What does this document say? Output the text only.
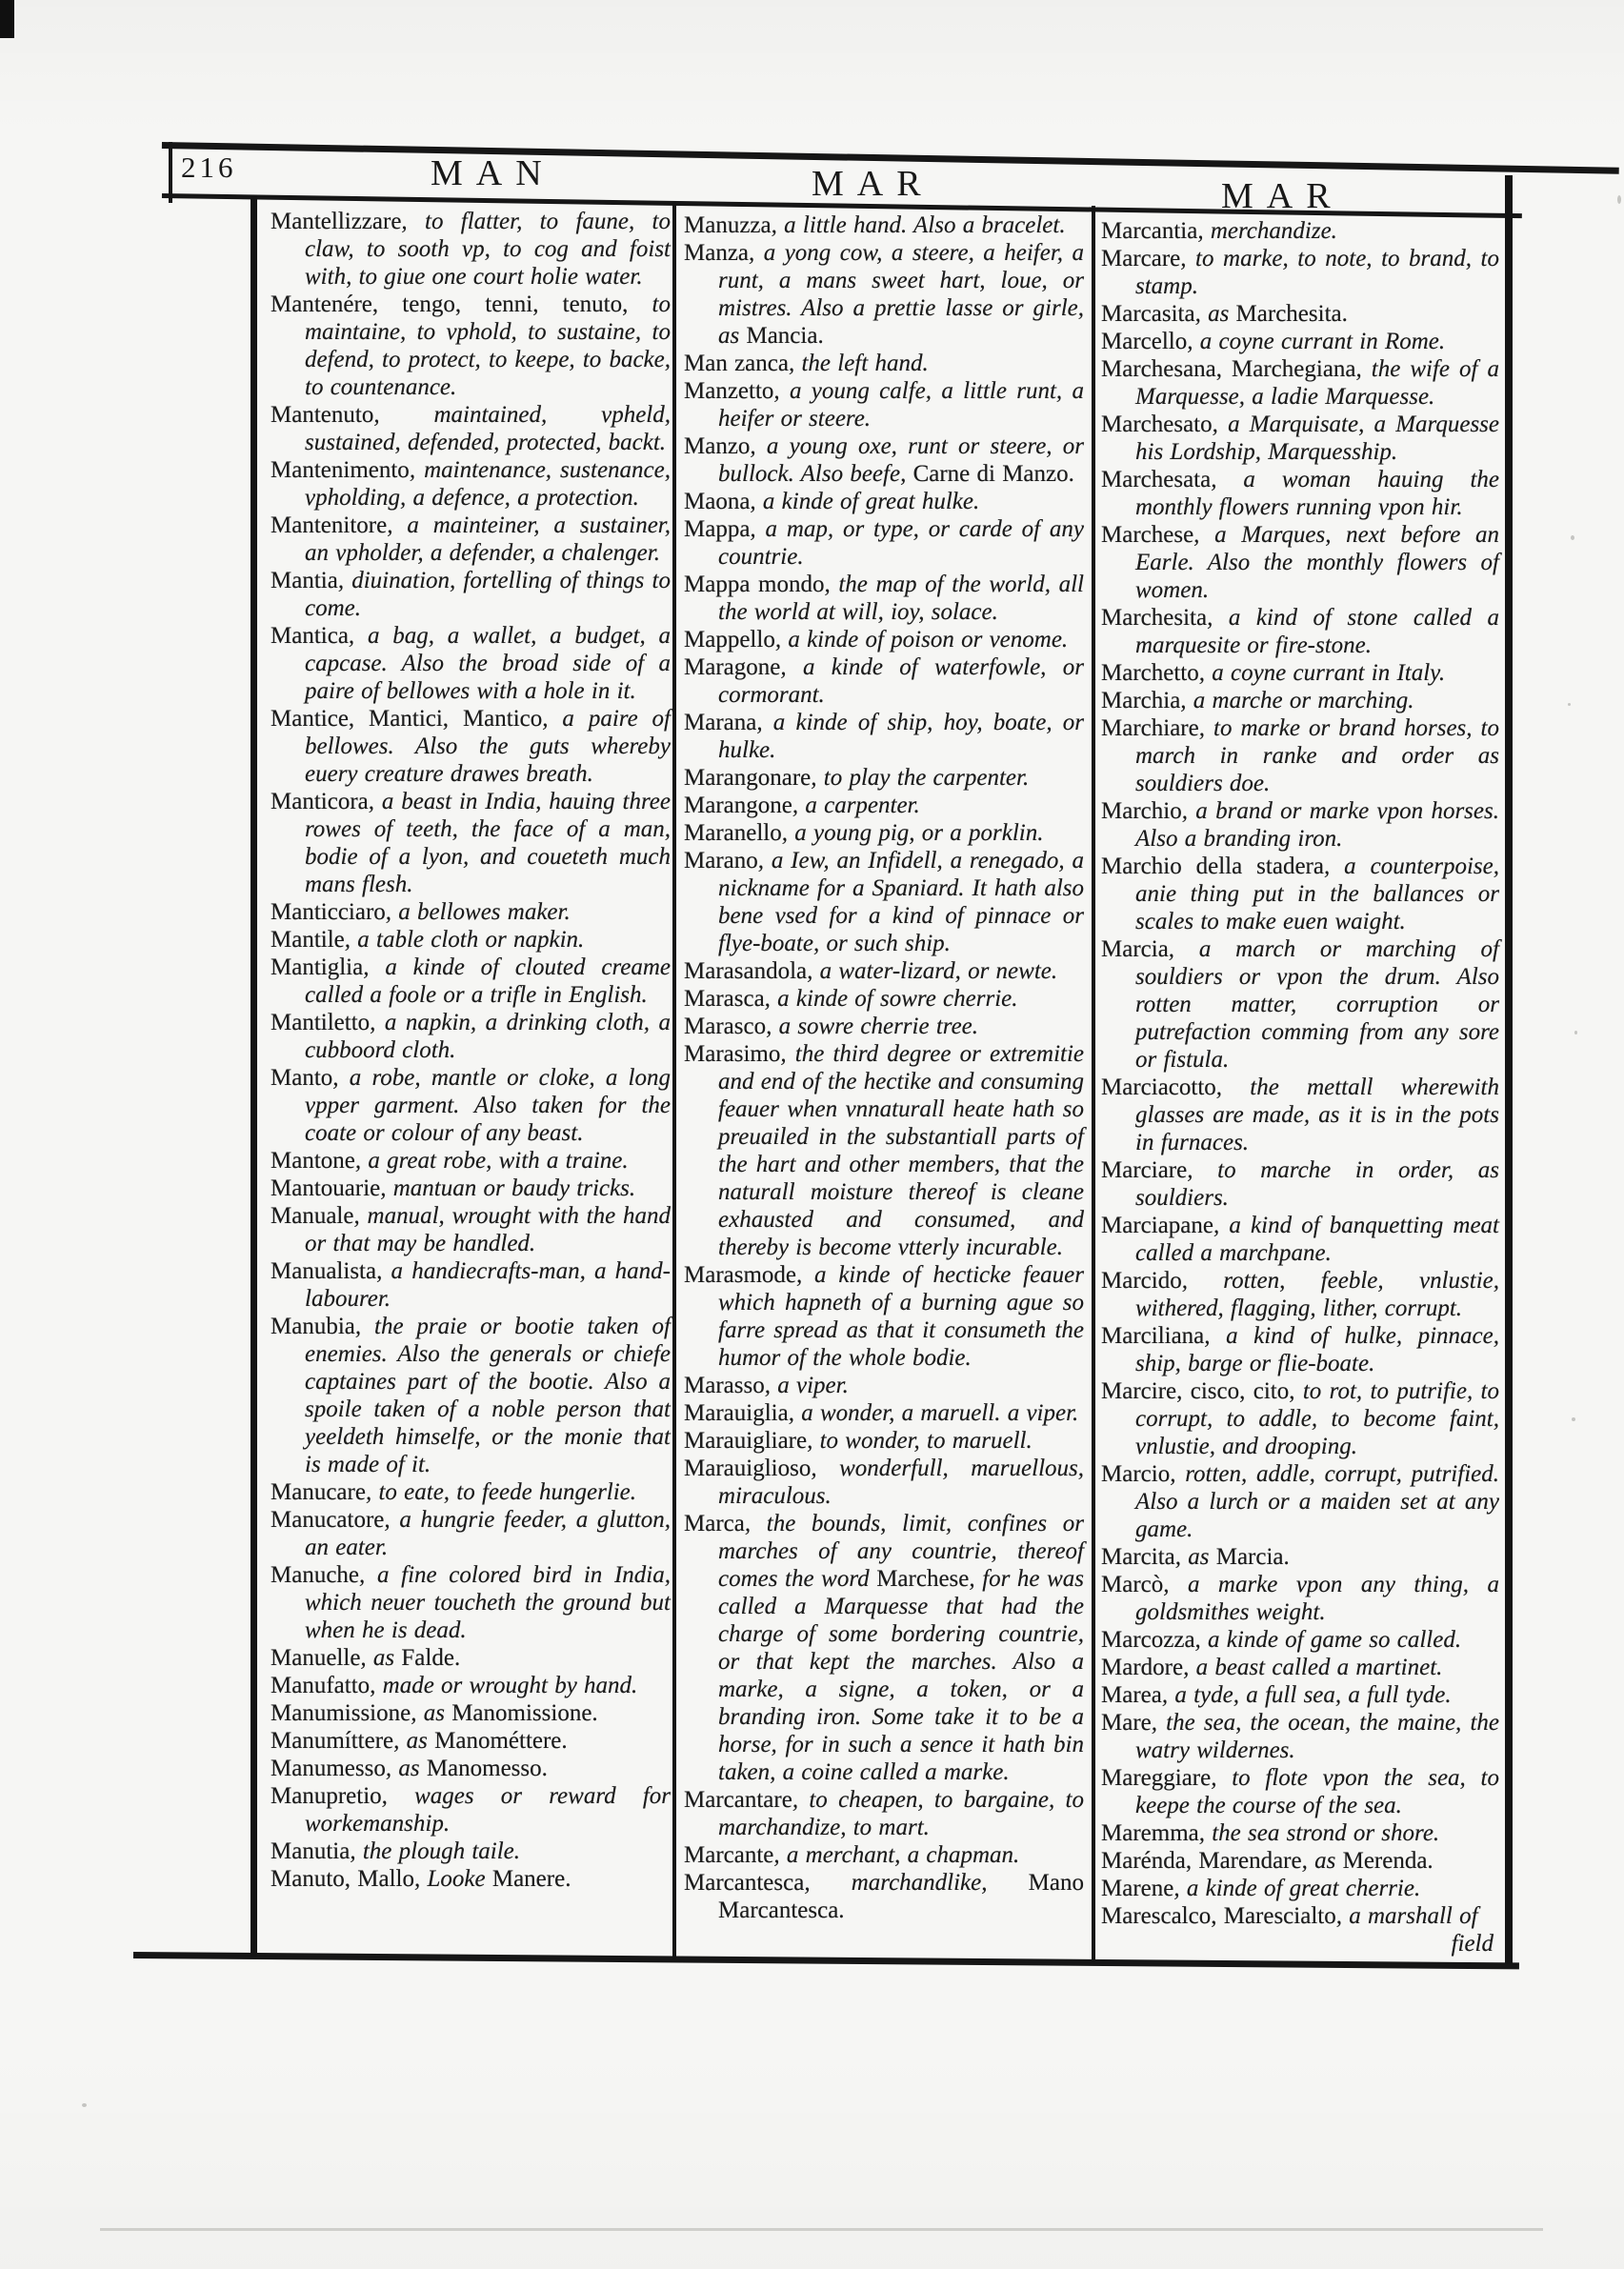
216	MAN	MAR	MAR
Mantellizzare, to flatter, to faune, to claw, to sooth vp, to cog and foist with, to giue one court holie water.
Mantenére, tengo, tenni, tenuto, to maintaine, to vphold, to sustaine, to defend, to protect, to keepe, to backe, to countenance.
Mantenuto, maintained, vpheld, sustained, defended, protected, backt.
Mantenimento, maintenance, sustenance, vpholding, a defence, a protection.
Mantenitore, a mainteiner, a sustainer, an vpholder, a defender, a chalenger.
Mantia, diuination, fortelling of things to come.
Mantica, a bag, a wallet, a budget, a capcase. Also the broad side of a paire of bellowes with a hole in it.
Mantice, Mantici, Mantico, a paire of bellowes. Also the guts whereby euery creature drawes breath.
Manticora, a beast in India, hauing three rowes of teeth, the face of a man, bodie of a lyon, and coueteth much mans flesh.
Manticciaro, a bellowes maker.
Mantile, a table cloth or napkin.
Mantiglia, a kinde of clouted creame called a foole or a trifle in English.
Mantiletto, a napkin, a drinking cloth, a cubboord cloth.
Manto, a robe, mantle or cloke, a long vpper garment. Also taken for the coate or colour of any beast.
Mantone, a great robe, with a traine.
Mantouarie, mantuan or baudy tricks.
Manuale, manual, wrought with the hand or that may be handled.
Manualista, a handiecrafts-man, a hand-labourer.
Manubia, the praie or bootie taken of enemies. Also the generals or chiefe captaines part of the bootie. Also a spoile taken of a noble person that yeeldeth himselfe, or the monie that is made of it.
Manucare, to eate, to feede hungerlie.
Manucatore, a hungrie feeder, a glutton, an eater.
Manuche, a fine colored bird in India, which neuer toucheth the ground but when he is dead.
Manuelle, as Falde.
Manufatto, made or wrought by hand.
Manumissione, as Manomissione.
Manumíttere, as Manométtere.
Manumesso, as Manomesso.
Manupretio, wages or reward for workemanship.
Manutia, the plough taile.
Manuto, Mallo, Looke Manere.
Manuzza, a little hand. Also a bracelet.
Manza, a yong cow, a steere, a heifer, a runt, a mans sweet hart, loue, or mistres. Also a prettie lasse or girle, as Mancia.
Man zanca, the left hand.
Manzetto, a young calfe, a little runt, a heifer or steere.
Manzo, a young oxe, runt or steere, or bullock. Also beefe, Carne di Manzo.
Maona, a kinde of great hulke.
Mappa, a map, or type, or carde of any countrie.
Mappa mondo, the map of the world, all the world at will, ioy, solace.
Mappello, a kinde of poison or venome.
Maragone, a kinde of waterfowle, or cormorant.
Marana, a kinde of ship, hoy, boate, or hulke.
Marangonare, to play the carpenter.
Marangone, a carpenter.
Maranello, a young pig, or a porklin.
Marano, a Iew, an Infidell, a renegado, a nickname for a Spaniard. It hath also bene vsed for a kind of pinnace or flye-boate, or such ship.
Marasandola, a water-lizard, or newte.
Marasca, a kinde of sowre cherrie.
Marasco, a sowre cherrie tree.
Marasimo, the third degree or extremitie and end of the hectike and consuming feauer when vnnaturall heate hath so preuailed in the substantiall parts of the hart and other members, that the naturall moisture thereof is cleane exhausted and consumed, and thereby is become vtterly incurable.
Marasmode, a kinde of hecticke feauer which hapneth of a burning ague so farre spread as that it consumeth the humor of the whole bodie.
Marasso, a viper.
Marauiglia, a wonder, a maruell. a viper.
Marauigliare, to wonder, to maruell.
Marauiglioso, wonderfull, maruellous, miraculous.
Marca, the bounds, limit, confines or marches of any countrie, thereof comes the word Marchese, for he was called a Marquesse that had the charge of some bordering countrie, or that kept the marches. Also a marke, a signe, a token, or a branding iron. Some take it to be a horse, for in such a sence it hath bin taken, a coine called a marke.
Marcantare, to cheapen, to bargaine, to marchandize, to mart.
Marcante, a merchant, a chapman.
Marcantesca, marchandlike, Mano Marcantesca.
Marcantia, merchandize.
Marcare, to marke, to note, to brand, to stamp.
Marcasita, as Marchesita.
Marcello, a coyne currant in Rome.
Marchesana, Marchegiana, the wife of a Marquesse, a ladie Marquesse.
Marchesato, a Marquisate, a Marquesse his Lordship, Marquesship.
Marchesata, a woman hauing the monthly flowers running vpon hir.
Marchese, a Marques, next before an Earle. Also the monthly flowers of women.
Marchesita, a kind of stone called a marquesite or fire-stone.
Marchetto, a coyne currant in Italy.
Marchia, a marche or marching.
Marchiare, to marke or brand horses, to march in ranke and order as souldiers doe.
Marchio, a brand or marke vpon horses. Also a branding iron.
Marchio della stadera, a counterpoise, anie thing put in the ballances or scales to make euen waight.
Marcia, a march or marching of souldiers or vpon the drum. Also rotten matter, corruption or putrefaction comming from any sore or fistula.
Marciacotto, the mettall wherewith glasses are made, as it is in the pots in furnaces.
Marciare, to marche in order, as souldiers.
Marciapane, a kind of banquetting meat called a marchpane.
Marcido, rotten, feeble, vnlustie, withered, flagging, lither, corrupt.
Marciliana, a kind of hulke, pinnace, ship, barge or flie-boate.
Marcire, cisco, cito, to rot, to putrifie, to corrupt, to addle, to become faint, vnlustie, and drooping.
Marcio, rotten, addle, corrupt, putrified. Also a lurch or a maiden set at any game.
Marcita, as Marcia.
Marcò, a marke vpon any thing, a goldsmithes weight.
Marcozza, a kinde of game so called.
Mardore, a beast called a martinet.
Marea, a tyde, a full sea, a full tyde.
Mare, the sea, the ocean, the maine, the watry wildernes.
Mareggiare, to flote vpon the sea, to keepe the course of the sea.
Maremma, the sea strond or shore.
Marénda, Marendare, as Merenda.
Marene, a kinde of great cherrie.
Marescalco, Marescialto, a marshall of
field
